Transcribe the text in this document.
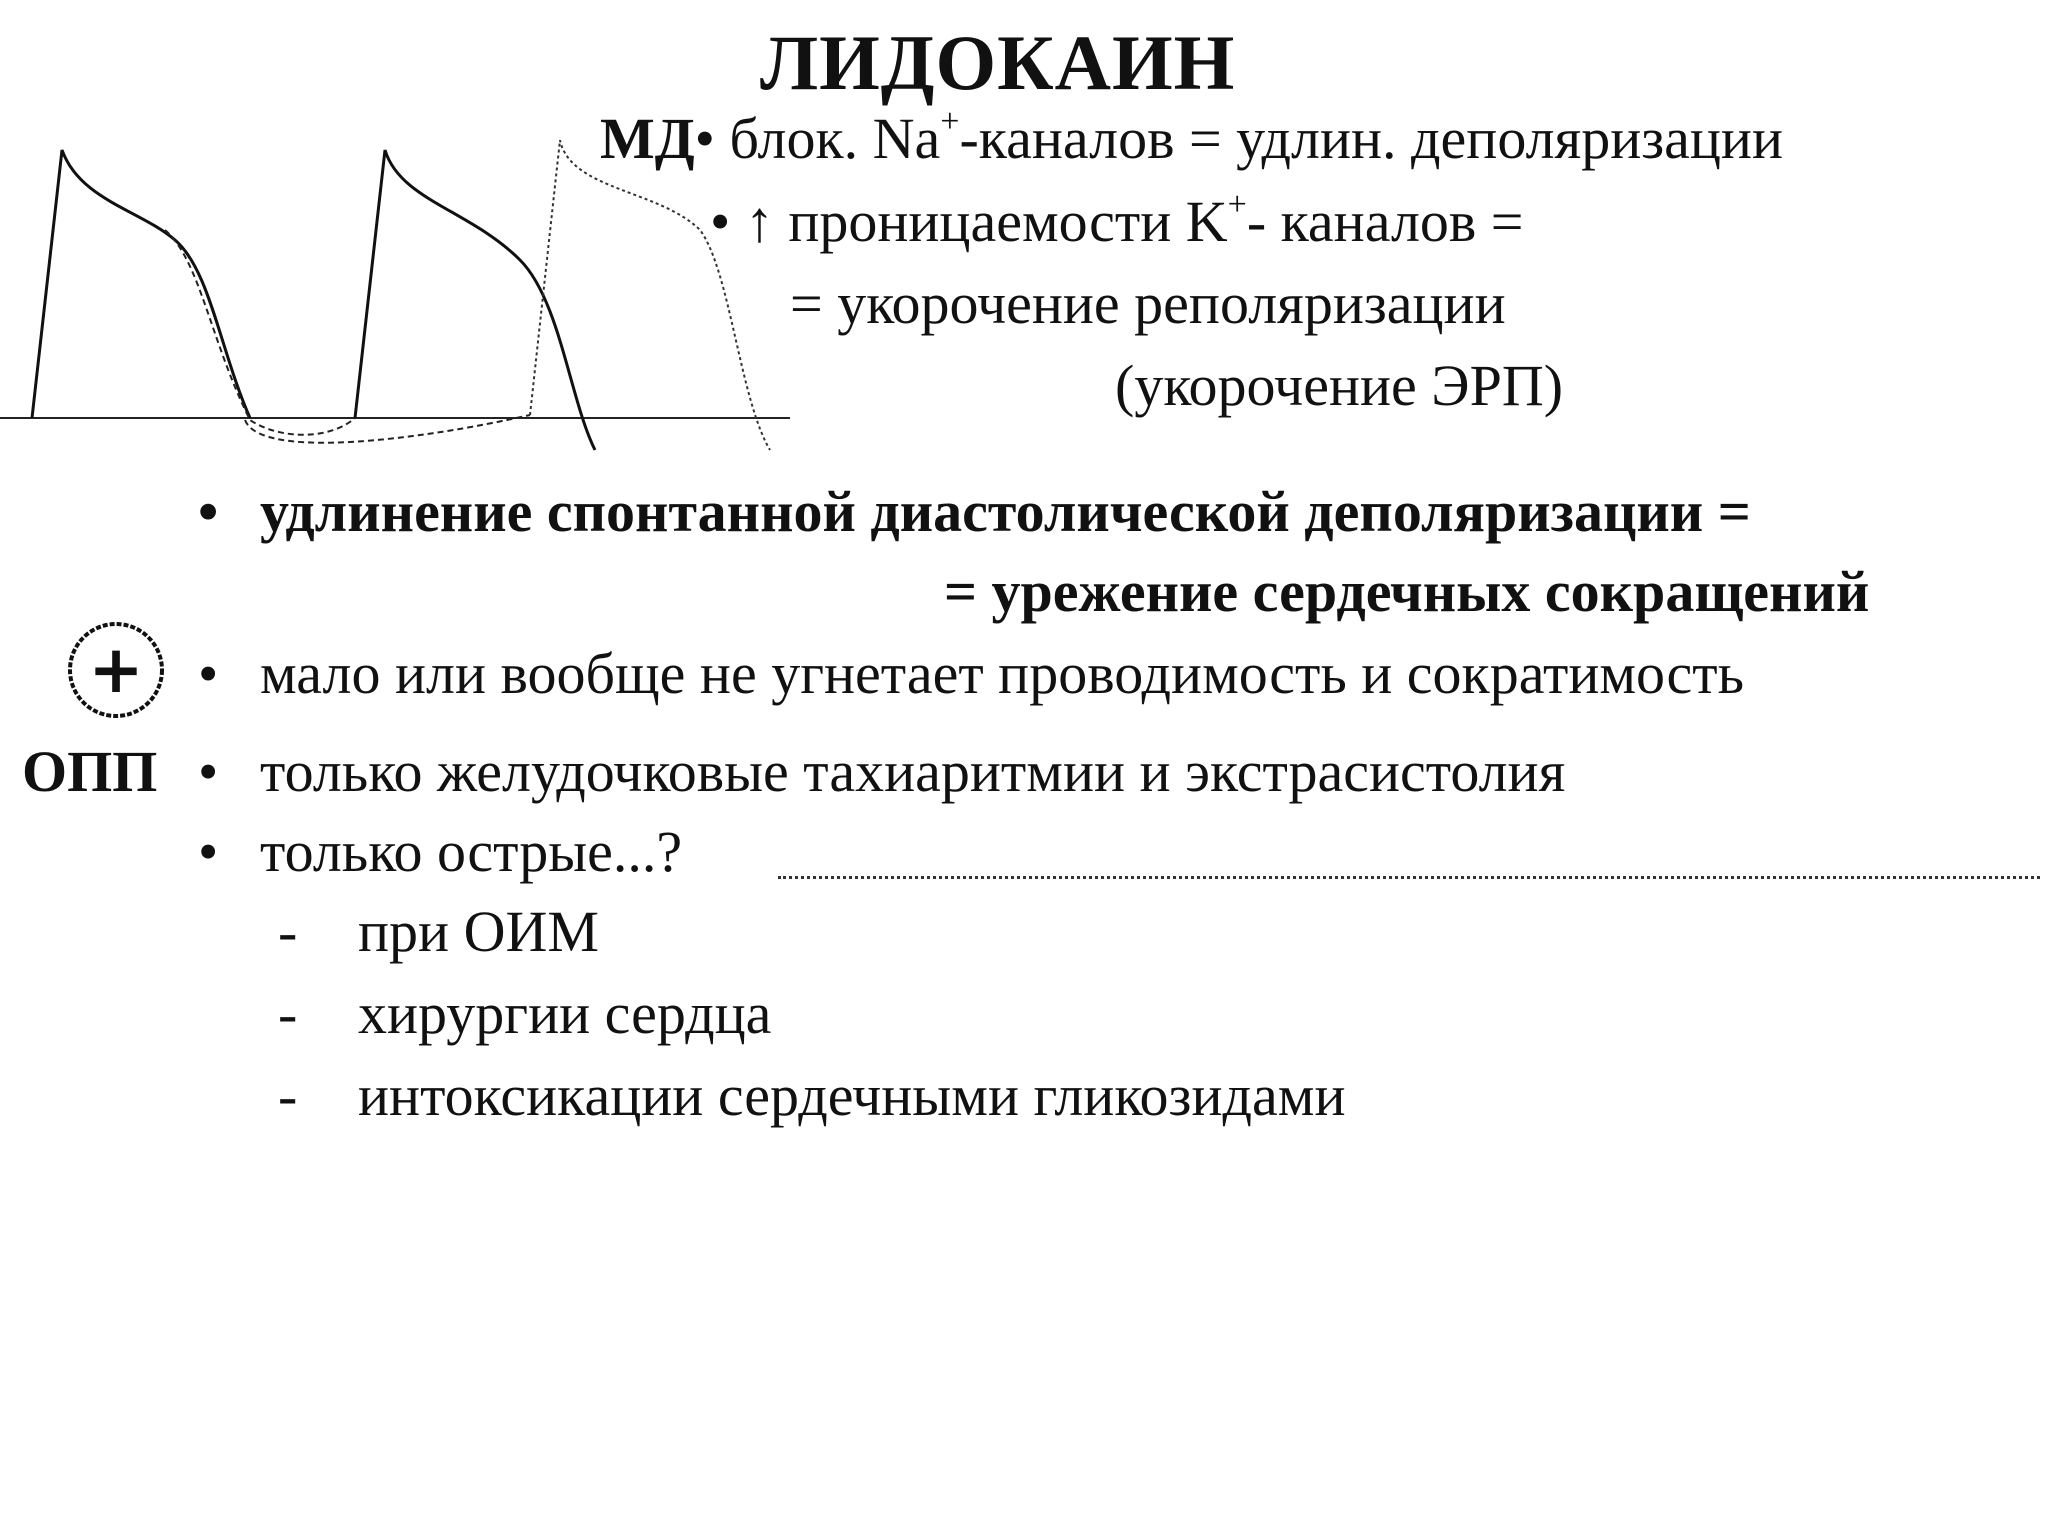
ЛИДОКАИН
МД• блок. Na+-каналов = удлин. деполяризации
• ↑ проницаемости K+- каналов =
= укорочение реполяризации
(укорочение ЭРП)
• удлинение спонтанной диастолической деполяризации =
= урежение сердечных сокращений
+ • мало или вообще не угнетает проводимость и сократимость
ОПП • только желудочковые тахиаритмии и экстрасистолия
• только острые...?
- при ОИМ
- хирургии сердца
- интоксикации сердечными гликозидами
